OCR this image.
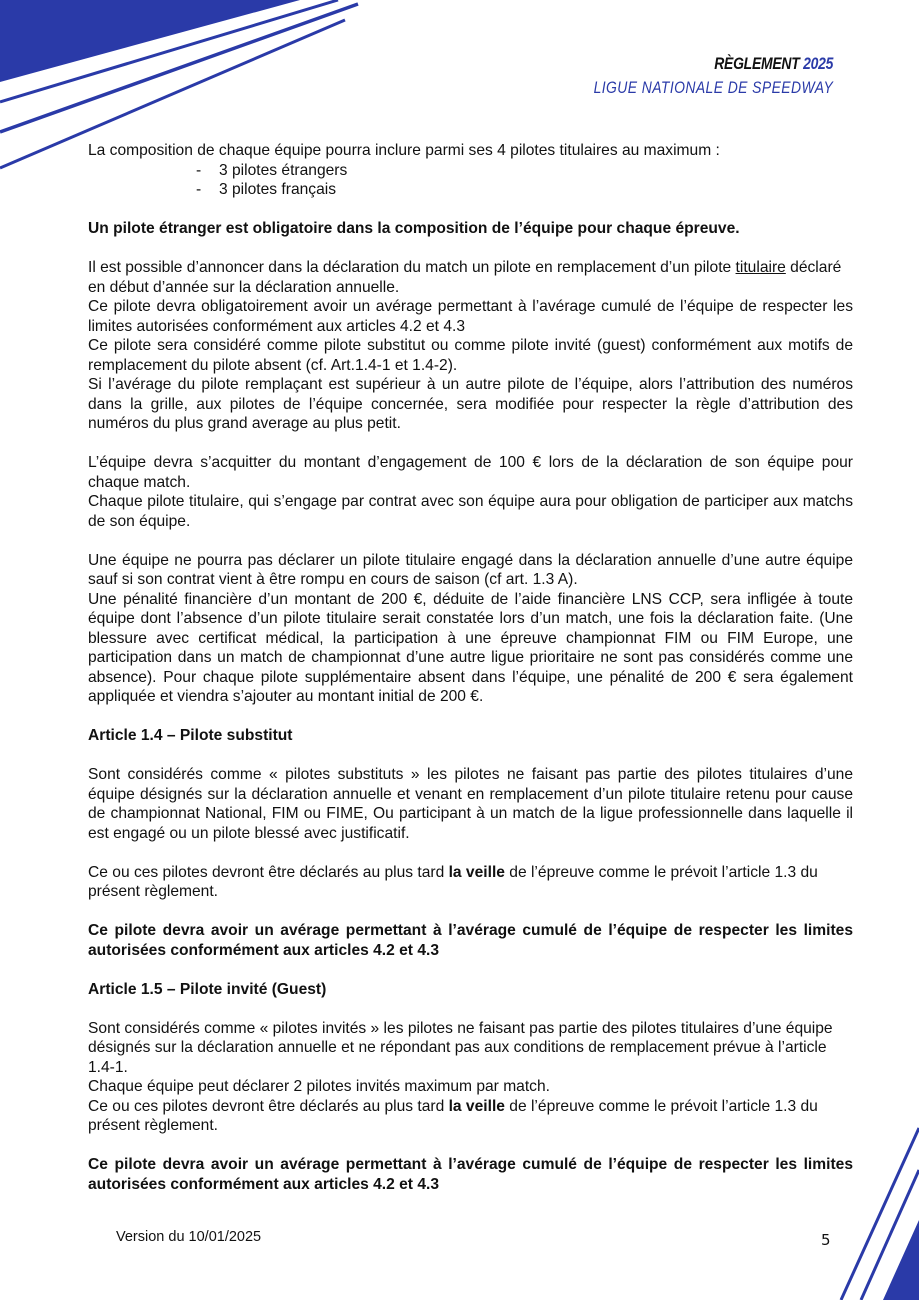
RÈGLEMENT 2025
LIGUE NATIONALE DE SPEEDWAY

La composition de chaque équipe pourra inclure parmi ses 4 pilotes titulaires au maximum :

- 3 pilotes étrangers
- 3 pilotes français

Un pilote étranger est obligatoire dans la composition de l’équipe pour chaque épreuve.

Il est possible d’annoncer dans la déclaration du match un pilote en remplacement d’un pilote titulaire déclaré en début d’année sur la déclaration annuelle.

Ce pilote devra obligatoirement avoir un avérage permettant à l’avérage cumulé de l’équipe de respecter les limites autorisées conformément aux articles 4.2 et 4.3

Ce pilote sera considéré comme pilote substitut ou comme pilote invité (guest) conformément aux motifs de remplacement du pilote absent (cf. Art.1.4-1 et 1.4-2).

Si l’avérage du pilote remplaçant est supérieur à un autre pilote de l’équipe, alors l’attribution des numéros dans la grille, aux pilotes de l’équipe concernée, sera modifiée pour respecter la règle d’attribution des numéros du plus grand average au plus petit.

L’équipe devra s’acquitter du montant d’engagement de 100 € lors de la déclaration de son équipe pour chaque match.

Chaque pilote titulaire, qui s’engage par contrat avec son équipe aura pour obligation de participer aux matchs de son équipe.

Une équipe ne pourra pas déclarer un pilote titulaire engagé dans la déclaration annuelle d’une autre équipe sauf si son contrat vient à être rompu en cours de saison (cf art. 1.3 A).

Une pénalité financière d’un montant de 200 €, déduite de l’aide financière LNS CCP, sera infligée à toute équipe dont l’absence d’un pilote titulaire serait constatée lors d’un match, une fois la déclaration faite. (Une blessure avec certificat médical, la participation à une épreuve championnat FIM ou FIM Europe, une participation dans un match de championnat d’une autre ligue prioritaire ne sont pas considérés comme une absence). Pour chaque pilote supplémentaire absent dans l’équipe, une pénalité de 200 € sera également appliquée et viendra s’ajouter au montant initial de 200 €.

Article 1.4 – Pilote substitut

Sont considérés comme « pilotes substituts » les pilotes ne faisant pas partie des pilotes titulaires d’une équipe désignés sur la déclaration annuelle et venant en remplacement d’un pilote titulaire retenu pour cause de championnat National, FIM ou FIME, Ou participant à un match de la ligue professionnelle dans laquelle il est engagé ou un pilote blessé avec justificatif.

Ce ou ces pilotes devront être déclarés au plus tard la veille de l’épreuve comme le prévoit l’article 1.3 du présent règlement.

Ce pilote devra avoir un avérage permettant à l’avérage cumulé de l’équipe de respecter les limites autorisées conformément aux articles 4.2 et 4.3

Article 1.5 – Pilote invité (Guest)

Sont considérés comme « pilotes invités » les pilotes ne faisant pas partie des pilotes titulaires d’une équipe désignés sur la déclaration annuelle et ne répondant pas aux conditions de remplacement prévue à l’article 1.4-1.

Chaque équipe peut déclarer 2 pilotes invités maximum par match.

Ce ou ces pilotes devront être déclarés au plus tard la veille de l’épreuve comme le prévoit l’article 1.3 du présent règlement.

Ce pilote devra avoir un avérage permettant à l’avérage cumulé de l’équipe de respecter les limites autorisées conformément aux articles 4.2 et 4.3

Version du 10/01/2025	5
